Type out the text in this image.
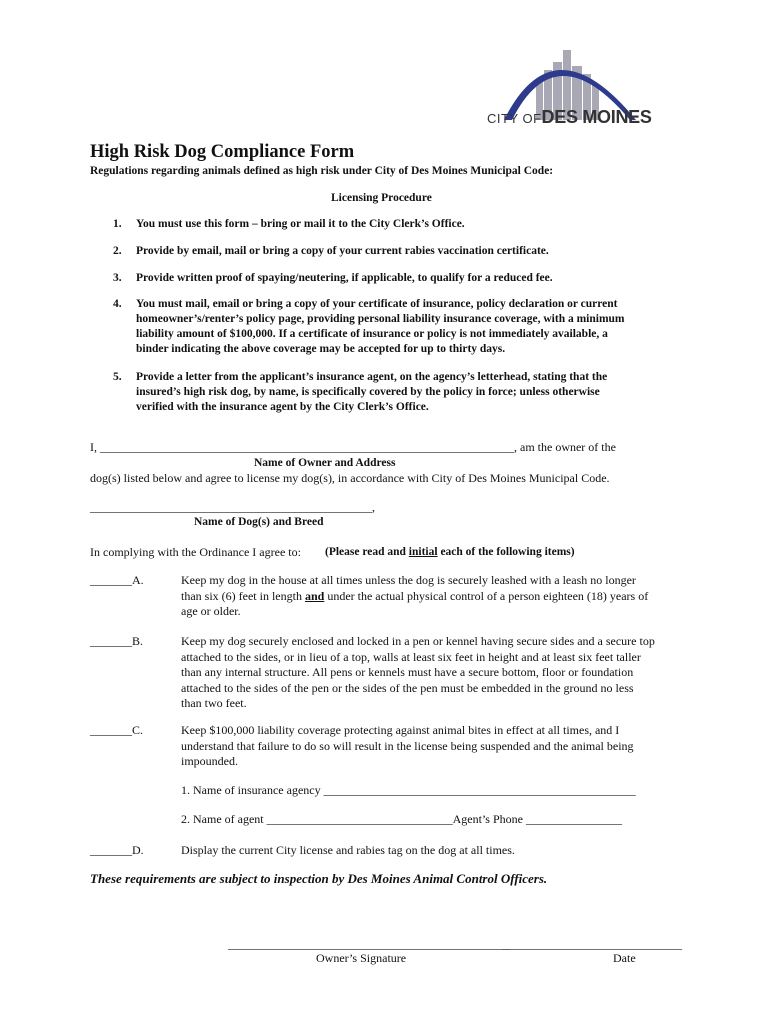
CITY OFDES MOINES
High Risk Dog Compliance Form
Regulations regarding animals defined as high risk under City of Des Moines Municipal Code:
Licensing Procedure
1. You must use this form – bring or mail it to the City Clerk’s Office.
2. Provide by email, mail or bring a copy of your current rabies vaccination certificate.
3. Provide written proof of spaying/neutering, if applicable, to qualify for a reduced fee.
4. You must mail, email or bring a copy of your certificate of insurance, policy declaration or current
homeowner’s/renter’s policy page, providing personal liability insurance coverage, with a minimum
liability amount of $100,000. If a certificate of insurance or policy is not immediately available, a
binder indicating the above coverage may be accepted for up to thirty days.
5. Provide a letter from the applicant’s insurance agent, on the agency’s letterhead, stating that the
insured’s high risk dog, by name, is specifically covered by the policy in force; unless otherwise
verified with the insurance agent by the City Clerk’s Office.
I, _____________________________________________________________________, am the owner of the
Name of Owner and Address
dog(s) listed below and agree to license my dog(s), in accordance with City of Des Moines Municipal Code.
_______________________________________________,
Name of Dog(s) and Breed
In complying with the Ordinance I agree to: (Please read and initial each of the following items)
_______A.	Keep my dog in the house at all times unless the dog is securely leashed with a leash no longer
than six (6) feet in length and under the actual physical control of a person eighteen (18) years of
age or older.
_______B.	Keep my dog securely enclosed and locked in a pen or kennel having secure sides and a secure top
attached to the sides, or in lieu of a top, walls at least six feet in height and at least six feet taller
than any internal structure. All pens or kennels must have a secure bottom, floor or foundation
attached to the sides of the pen or the sides of the pen must be embedded in the ground no less
than two feet.
_______C.	Keep $100,000 liability coverage protecting against animal bites in effect at all times, and I
understand that failure to do so will result in the license being suspended and the animal being
impounded.
1. Name of insurance agency ____________________________________________________
2. Name of agent _______________________________Agent’s Phone ________________
_______D.	Display the current City license and rabies tag on the dog at all times.
These requirements are subject to inspection by Des Moines Animal Control Officers.
_______________________________________________
______________________________
Owner’s Signature	Date
